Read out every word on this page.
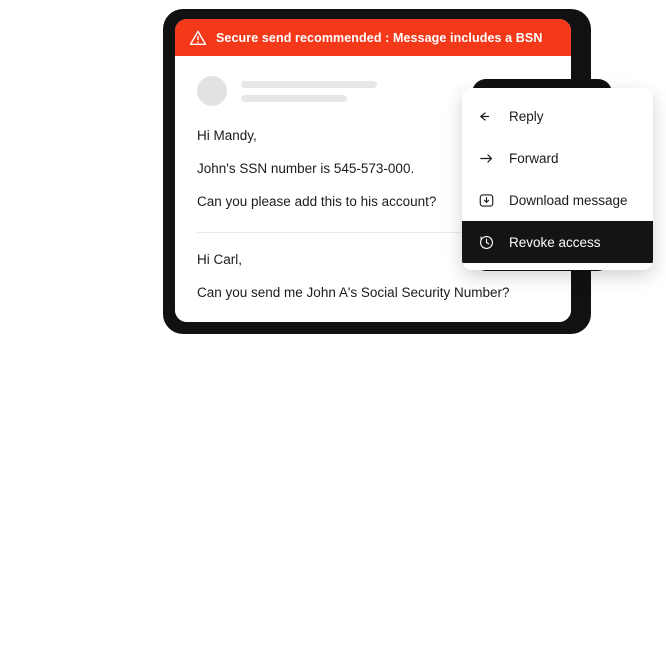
Secure send recommended : Message includes a BSN

Hi Mandy,

John's SSN number is 545-573-000.

Can you please add this to his account?

Hi Carl,

Can you send me John A's Social Security Number?

Reply
Forward
Download message
Revoke access
